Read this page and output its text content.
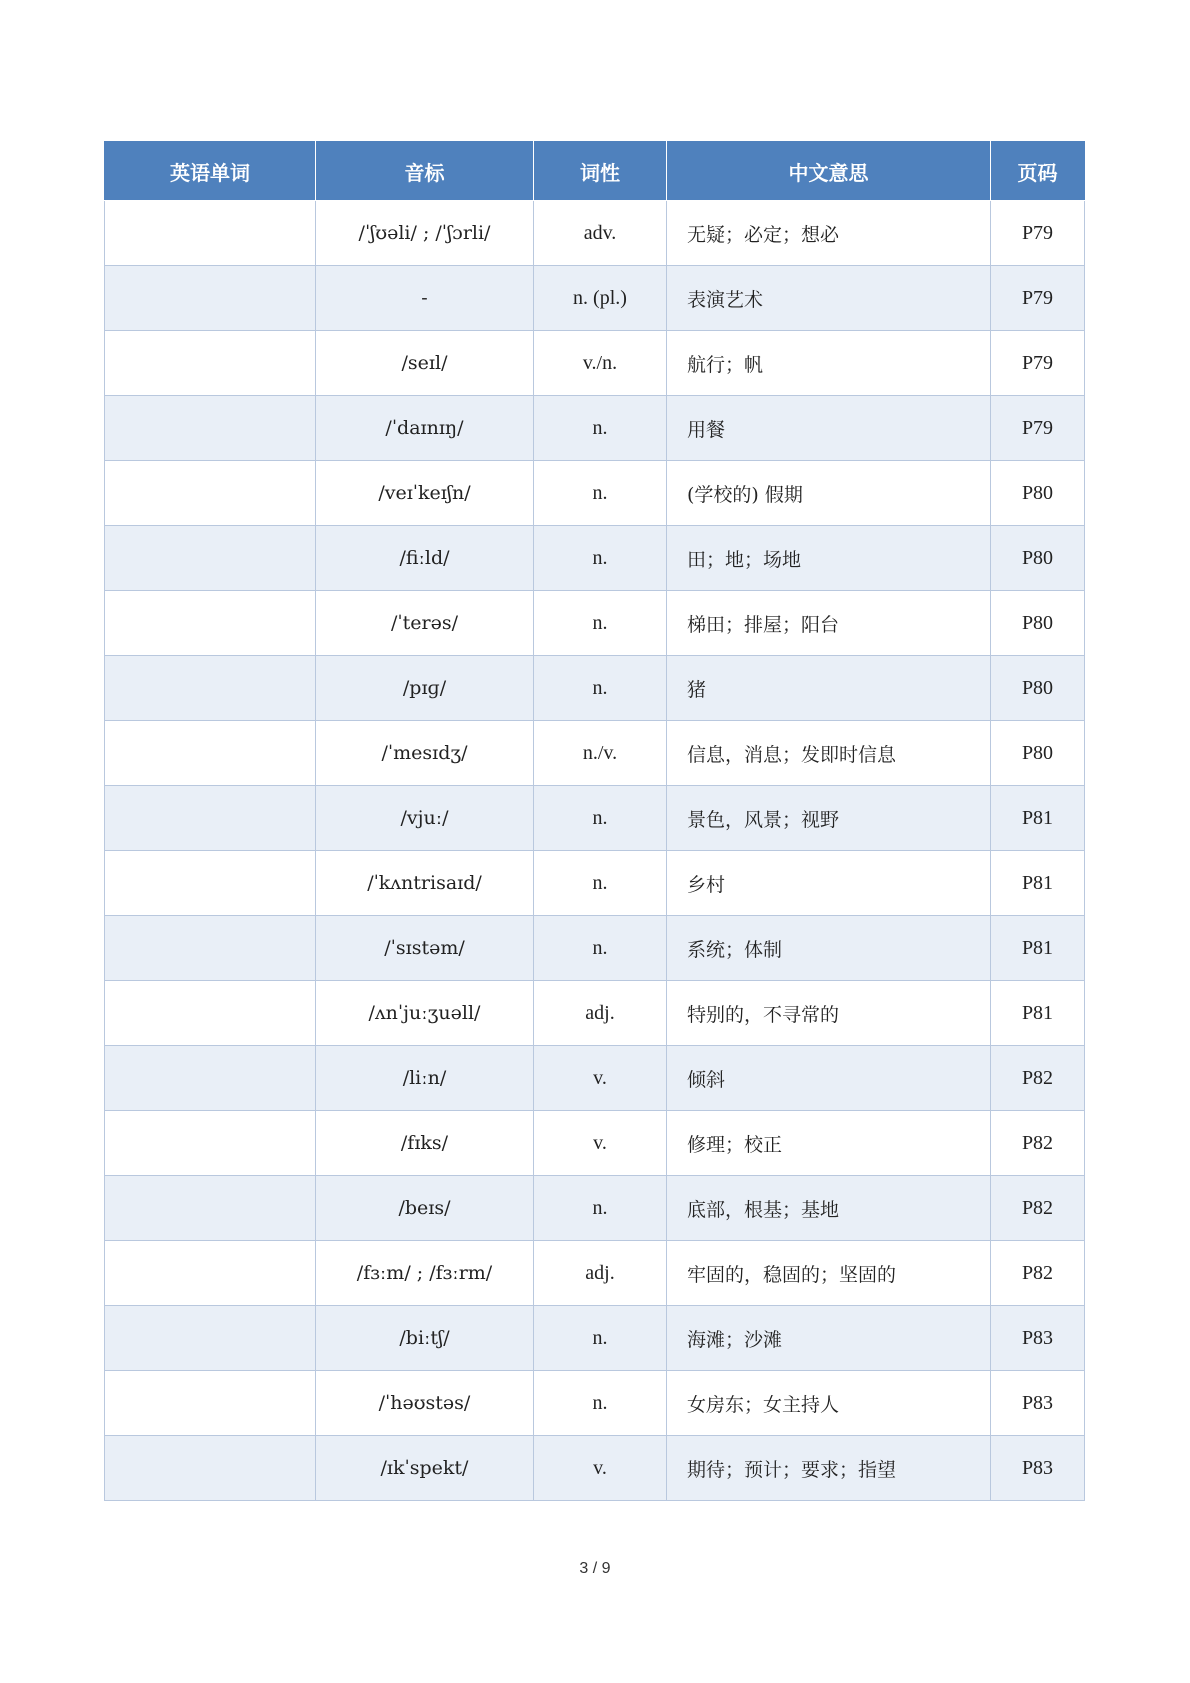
英语单词	音标	词性	中文意思	页码
	/ˈʃʊəli/ ; /ˈʃɔrli/	adv.	无疑；必定；想必	P79
	-	n. (pl.)	表演艺术	P79
	/seɪl/	v./n.	航行；帆	P79
	/ˈdaɪnɪŋ/	n.	用餐	P79
	/veɪˈkeɪʃn/	n.	(学校的) 假期	P80
	/fiːld/	n.	田；地；场地	P80
	/ˈterəs/	n.	梯田；排屋；阳台	P80
	/pɪɡ/	n.	猪	P80
	/ˈmesɪdʒ/	n./v.	信息，消息；发即时信息	P80
	/vjuː/	n.	景色，风景；视野	P81
	/ˈkʌntrisaɪd/	n.	乡村	P81
	/ˈsɪstəm/	n.	系统；体制	P81
	/ʌnˈjuːʒuəll/	adj.	特别的，不寻常的	P81
	/liːn/	v.	倾斜	P82
	/fɪks/	v.	修理；校正	P82
	/beɪs/	n.	底部，根基；基地	P82
	/fɜːm/ ; /fɜːrm/	adj.	牢固的，稳固的；坚固的	P82
	/biːtʃ/	n.	海滩；沙滩	P83
	/ˈhəʊstəs/	n.	女房东；女主持人	P83
	/ɪkˈspekt/	v.	期待；预计；要求；指望	P83
3 / 9
